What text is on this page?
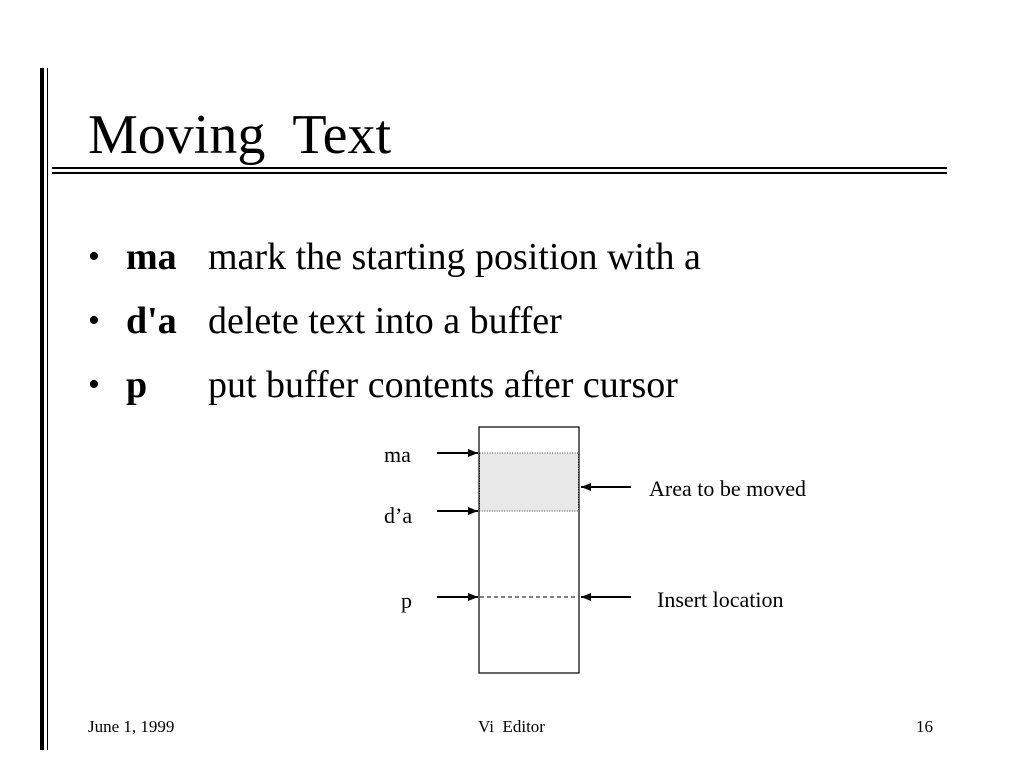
Moving  Text
• ma mark the starting position with a
• d'a delete text into a buffer
• p put buffer contents after cursor
ma
d’a
p
Area to be moved
Insert location
June 1, 1999	Vi  Editor	16
